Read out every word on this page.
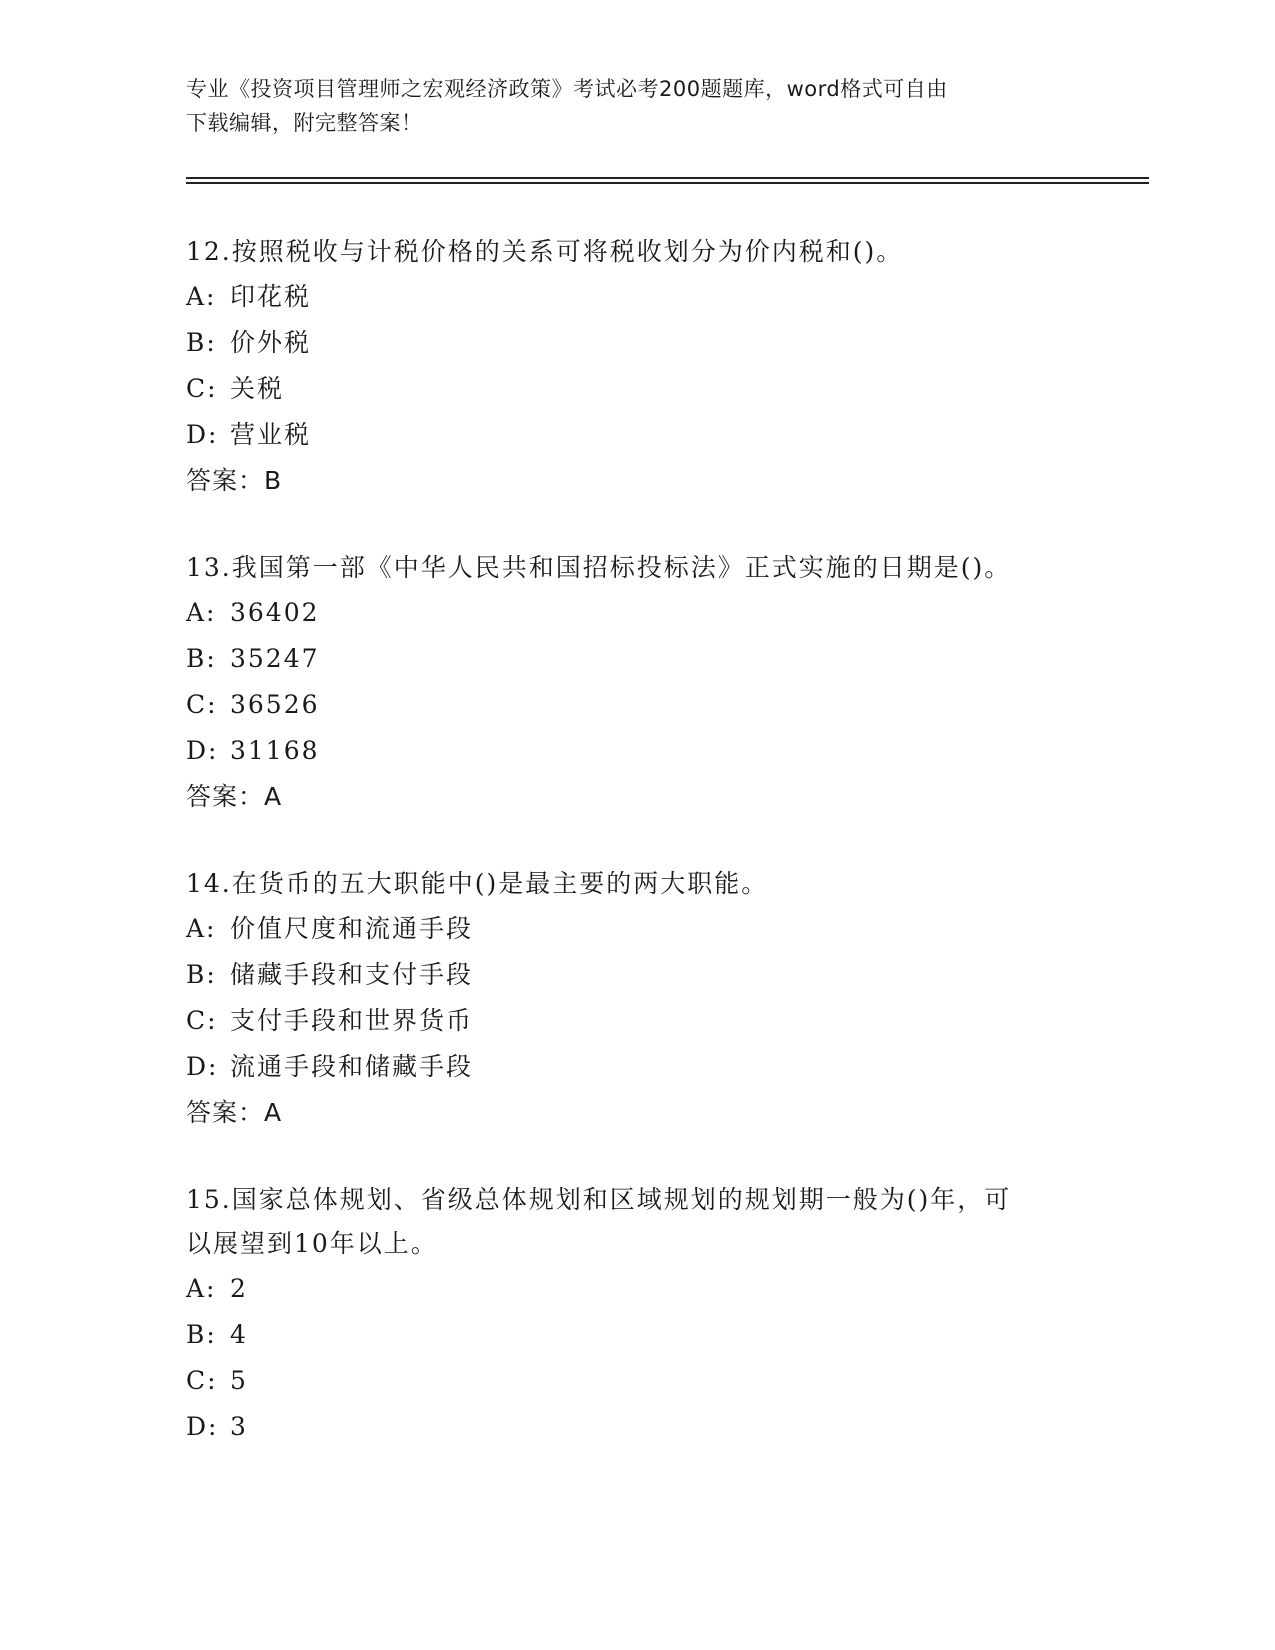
专业《投资项目管理师之宏观经济政策》考试必考200题题库，word格式可自由
下载编辑，附完整答案！

12.按照税收与计税价格的关系可将税收划分为价内税和()。

A: 印花税
B: 价外税
C: 关税
D: 营业税
答案：B

13.我国第一部《中华人民共和国招标投标法》正式实施的日期是()。

A: 36402
B: 35247
C: 36526
D: 31168
答案：A

14.在货币的五大职能中()是最主要的两大职能。

A: 价值尺度和流通手段
B: 储藏手段和支付手段
C: 支付手段和世界货币
D: 流通手段和储藏手段
答案：A

15.国家总体规划、省级总体规划和区域规划的规划期一般为()年，可
以展望到10年以上。

A: 2
B: 4
C: 5
D: 3
